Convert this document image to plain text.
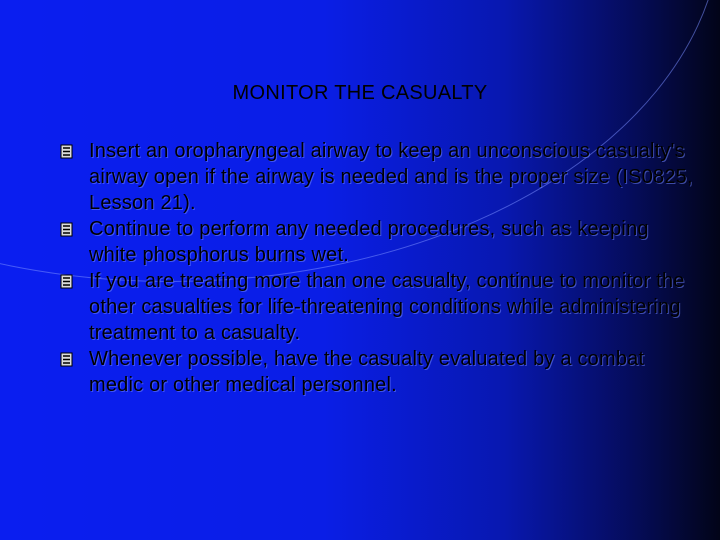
MONITOR THE CASUALTY
Insert an oropharyngeal airway to keep an unconscious casualty's airway open if the airway is needed and is the proper size (IS0825, Lesson 21).
Continue to perform any needed procedures, such as keeping white phosphorus burns wet.
If you are treating more than one casualty, continue to monitor the other casualties for life-threatening conditions while administering treatment to a casualty.
Whenever possible, have the casualty evaluated by a combat medic or other medical personnel.
